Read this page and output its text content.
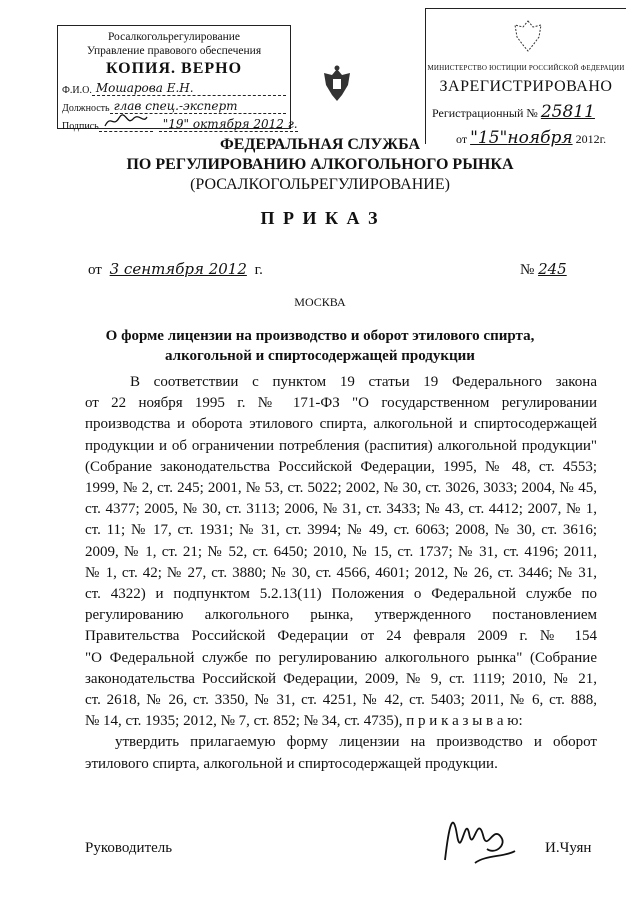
Росалкогольрегулирование
Управление правового обеспечения
КОПИЯ. ВЕРНО
Ф.И.О. Мошарова Е.Н.
Должность глав спец.-эксперт
Подпись	"19" октября 2012 г.
МИНИСТЕРСТВО ЮСТИЦИИ РОССИЙСКОЙ ФЕДЕРАЦИИ
ЗАРЕГИСТРИРОВАНО
Регистрационный № 25811
от "15"ноября 2012г.
ФЕДЕРАЛЬНАЯ СЛУЖБА
ПО РЕГУЛИРОВАНИЮ АЛКОГОЛЬНОГО РЫНКА
(РОСАЛКОГОЛЬРЕГУЛИРОВАНИЕ)
П Р И К А З
от 3 сентября 2012 г.	№ 245
МОСКВА
О форме лицензии на производство и оборот этилового спирта,
алкогольной и спиртосодержащей продукции
В соответствии с пунктом 19 статьи 19 Федерального закона
от 22 ноября 1995 г. № 171-ФЗ "О государственном регулировании
производства и оборота этилового спирта, алкогольной и спиртосодержащей
продукции и об ограничении потребления (распития) алкогольной продукции"
(Собрание законодательства Российской Федерации, 1995, № 48, ст. 4553;
1999, № 2, ст. 245; 2001, № 53, ст. 5022; 2002, № 30, ст. 3026, 3033; 2004, № 45,
ст. 4377; 2005, № 30, ст. 3113; 2006, № 31, ст. 3433; № 43, ст. 4412; 2007, № 1,
ст. 11; № 17, ст. 1931; № 31, ст. 3994; № 49, ст. 6063; 2008, № 30, ст. 3616;
2009, № 1, ст. 21; № 52, ст. 6450; 2010, № 15, ст. 1737; № 31, ст. 4196; 2011,
№ 1, ст. 42; № 27, ст. 3880; № 30, ст. 4566, 4601; 2012, № 26, ст. 3446; № 31,
ст. 4322) и подпунктом 5.2.13(11) Положения о Федеральной службе по
регулированию алкогольного рынка, утвержденного постановлением
Правительства Российской Федерации от 24 февраля 2009 г. № 154
"О Федеральной службе по регулированию алкогольного рынка" (Собрание
законодательства Российской Федерации, 2009, № 9, ст. 1119; 2010, № 21,
ст. 2618, № 26, ст. 3350, № 31, ст. 4251, № 42, ст. 5403; 2011, № 6, ст. 888,
№ 14, ст. 1935; 2012, № 7, ст. 852; № 34, ст. 4735), п р и к а з ы в а ю:
утвердить прилагаемую форму лицензии на производство и оборот
этилового спирта, алкогольной и спиртосодержащей продукции.
Руководитель	И.Чуян
